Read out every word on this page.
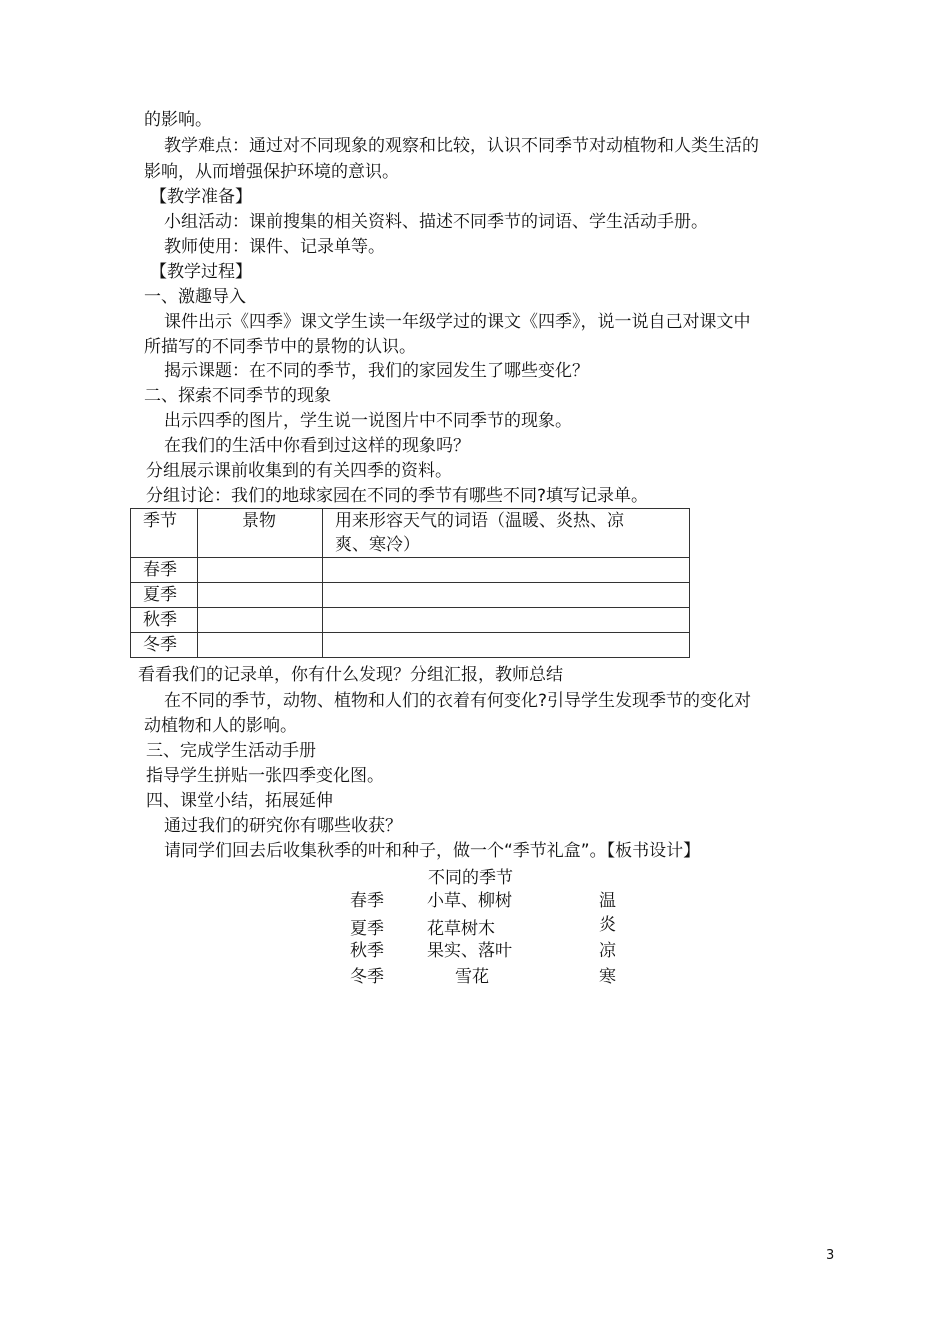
的影响。
教学难点：通过对不同现象的观察和比较，认识不同季节对动植物和人类生活的
影响，从而增强保护环境的意识。
【教学准备】
小组活动：课前搜集的相关资料、描述不同季节的词语、学生活动手册。
教师使用：课件、记录单等。
【教学过程】
一、激趣导入
课件出示《四季》课文学生读一年级学过的课文《四季》，说一说自己对课文中
所描写的不同季节中的景物的认识。
揭示课题：在不同的季节，我们的家园发生了哪些变化？
二、探索不同季节的现象
出示四季的图片，学生说一说图片中不同季节的现象。
在我们的生活中你看到过这样的现象吗？
分组展示课前收集到的有关四季的资料。
分组讨论：我们的地球家园在不同的季节有哪些不同?填写记录单。
季节	景物	用来形容天气的词语（温暖、炎热、凉
爽、寒冷）

春季		
夏季		
秋季		
冬季		
看看我们的记录单，你有什么发现？分组汇报，教师总结
在不同的季节，动物、植物和人们的衣着有何变化?引导学生发现季节的变化对
动植物和人的影响。
三、完成学生活动手册
指导学生拼贴一张四季变化图。
四、课堂小结，拓展延伸
通过我们的研究你有哪些收获？
请同学们回去后收集秋季的叶和种子，做一个“季节礼盒”。【板书设计】
不同的季节
春季	小草、柳树	温
夏季	花草树木	炎
秋季	果实、落叶	凉
冬季	雪花	寒
3
